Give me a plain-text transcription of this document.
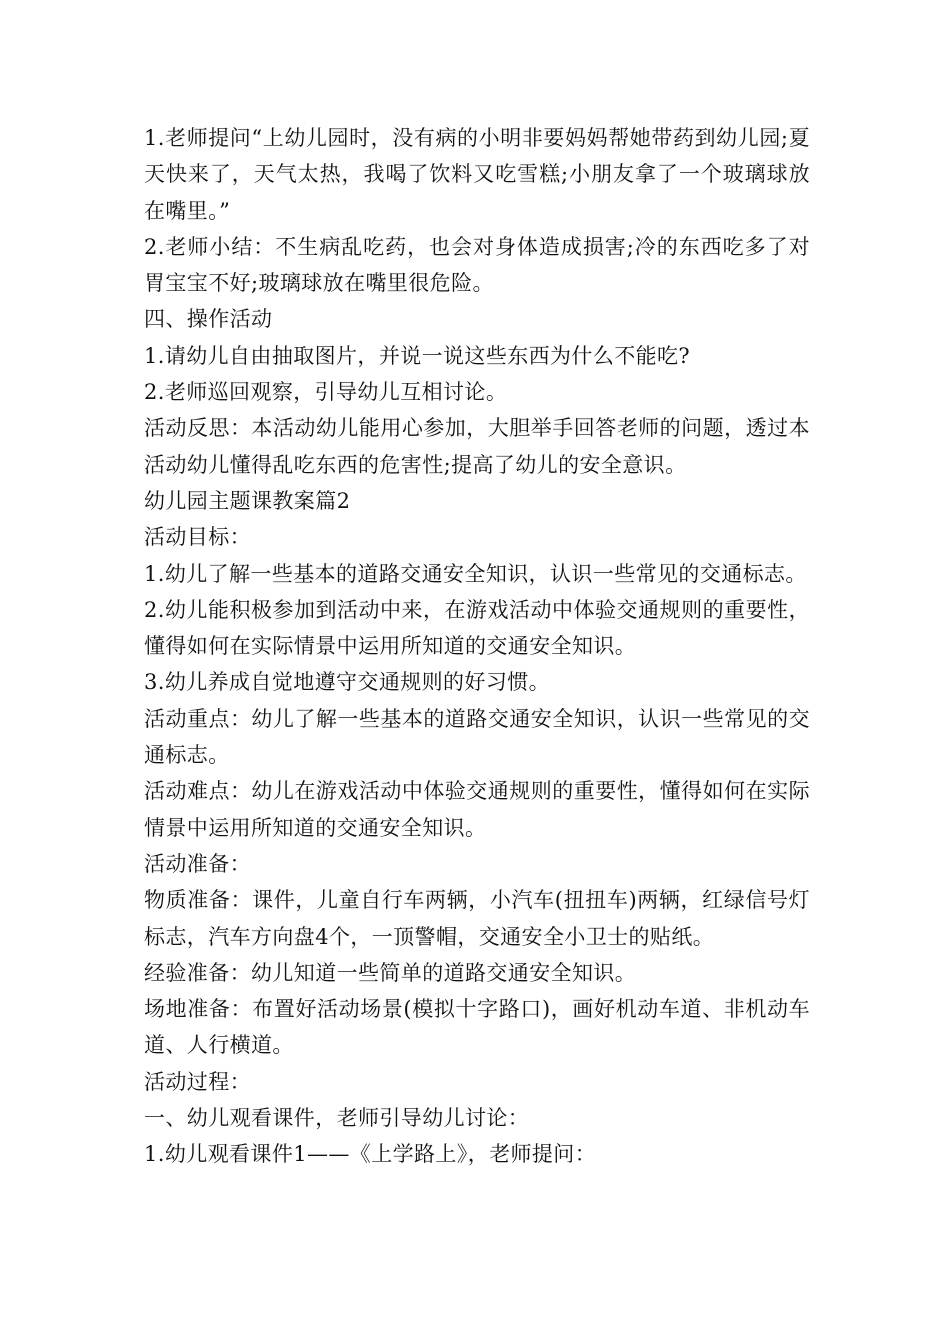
1.老师提问“上幼儿园时，没有病的小明非要妈妈帮她带药到幼儿园;夏天快来了，天气太热，我喝了饮料又吃雪糕;小朋友拿了一个玻璃球放在嘴里。”

2.老师小结：不生病乱吃药，也会对身体造成损害;冷的东西吃多了对胃宝宝不好;玻璃球放在嘴里很危险。

四、操作活动

1.请幼儿自由抽取图片，并说一说这些东西为什么不能吃?

2.老师巡回观察，引导幼儿互相讨论。

活动反思：本活动幼儿能用心参加，大胆举手回答老师的问题，透过本活动幼儿懂得乱吃东西的危害性;提高了幼儿的安全意识。

幼儿园主题课教案篇2

活动目标：

1.幼儿了解一些基本的道路交通安全知识，认识一些常见的交通标志。

2.幼儿能积极参加到活动中来，在游戏活动中体验交通规则的重要性，懂得如何在实际情景中运用所知道的交通安全知识。

3.幼儿养成自觉地遵守交通规则的好习惯。

活动重点：幼儿了解一些基本的道路交通安全知识，认识一些常见的交通标志。

活动难点：幼儿在游戏活动中体验交通规则的重要性，懂得如何在实际情景中运用所知道的交通安全知识。

活动准备：

物质准备：课件，儿童自行车两辆，小汽车(扭扭车)两辆，红绿信号灯标志，汽车方向盘4个，一顶警帽，交通安全小卫士的贴纸。

经验准备：幼儿知道一些简单的道路交通安全知识。

场地准备：布置好活动场景(模拟十字路口)，画好机动车道、非机动车道、人行横道。

活动过程：

一、幼儿观看课件，老师引导幼儿讨论：

1.幼儿观看课件1——《上学路上》，老师提问：
